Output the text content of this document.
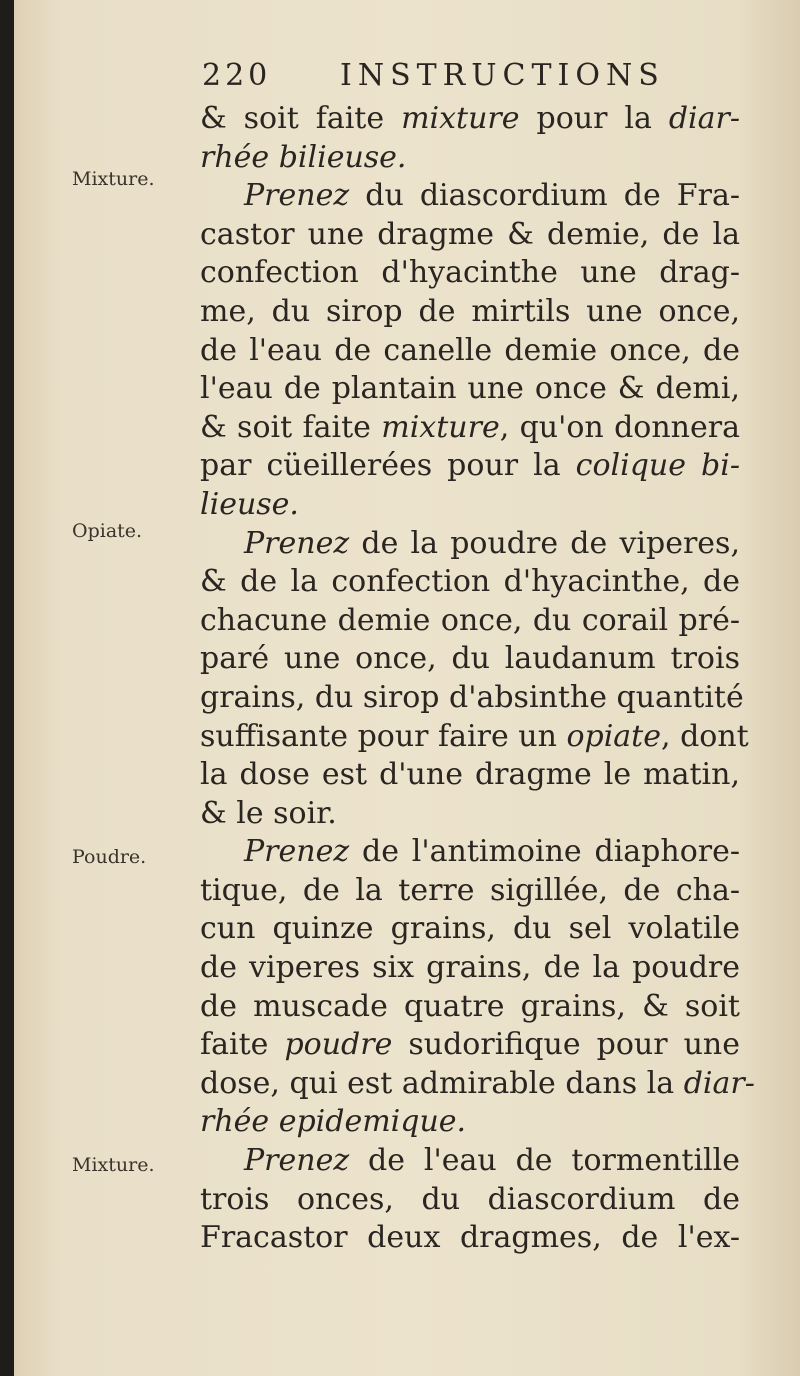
220 INSTRUCTIONS
Mixture.
Opiate.
Poudre.
Mixture.
& soit faite mixture pour la diar-
rhée bilieuse.
Prenez du diascordium de Fra-
castor une dragme & demie, de la
confection d'hyacinthe une drag-
me, du sirop de mirtils une once,
de l'eau de canelle demie once, de
l'eau de plantain une once & demi,
& soit faite mixture, qu'on donnera
par cüeillerées pour la colique bi-
lieuse.
Prenez de la poudre de viperes,
& de la confection d'hyacinthe, de
chacune demie once, du corail pré-
paré une once, du laudanum trois
grains, du sirop d'absinthe quantité
suffisante pour faire un opiate, dont
la dose est d'une dragme le matin,
& le soir.
Prenez de l'antimoine diaphore-
tique, de la terre sigillée, de cha-
cun quinze grains, du sel volatile
de viperes six grains, de la poudre
de muscade quatre grains, & soit
faite poudre sudorifique pour une
dose, qui est admirable dans la diar-
rhée epidemique.
Prenez de l'eau de tormentille
trois onces, du diascordium de
Fracastor deux dragmes, de l'ex-
